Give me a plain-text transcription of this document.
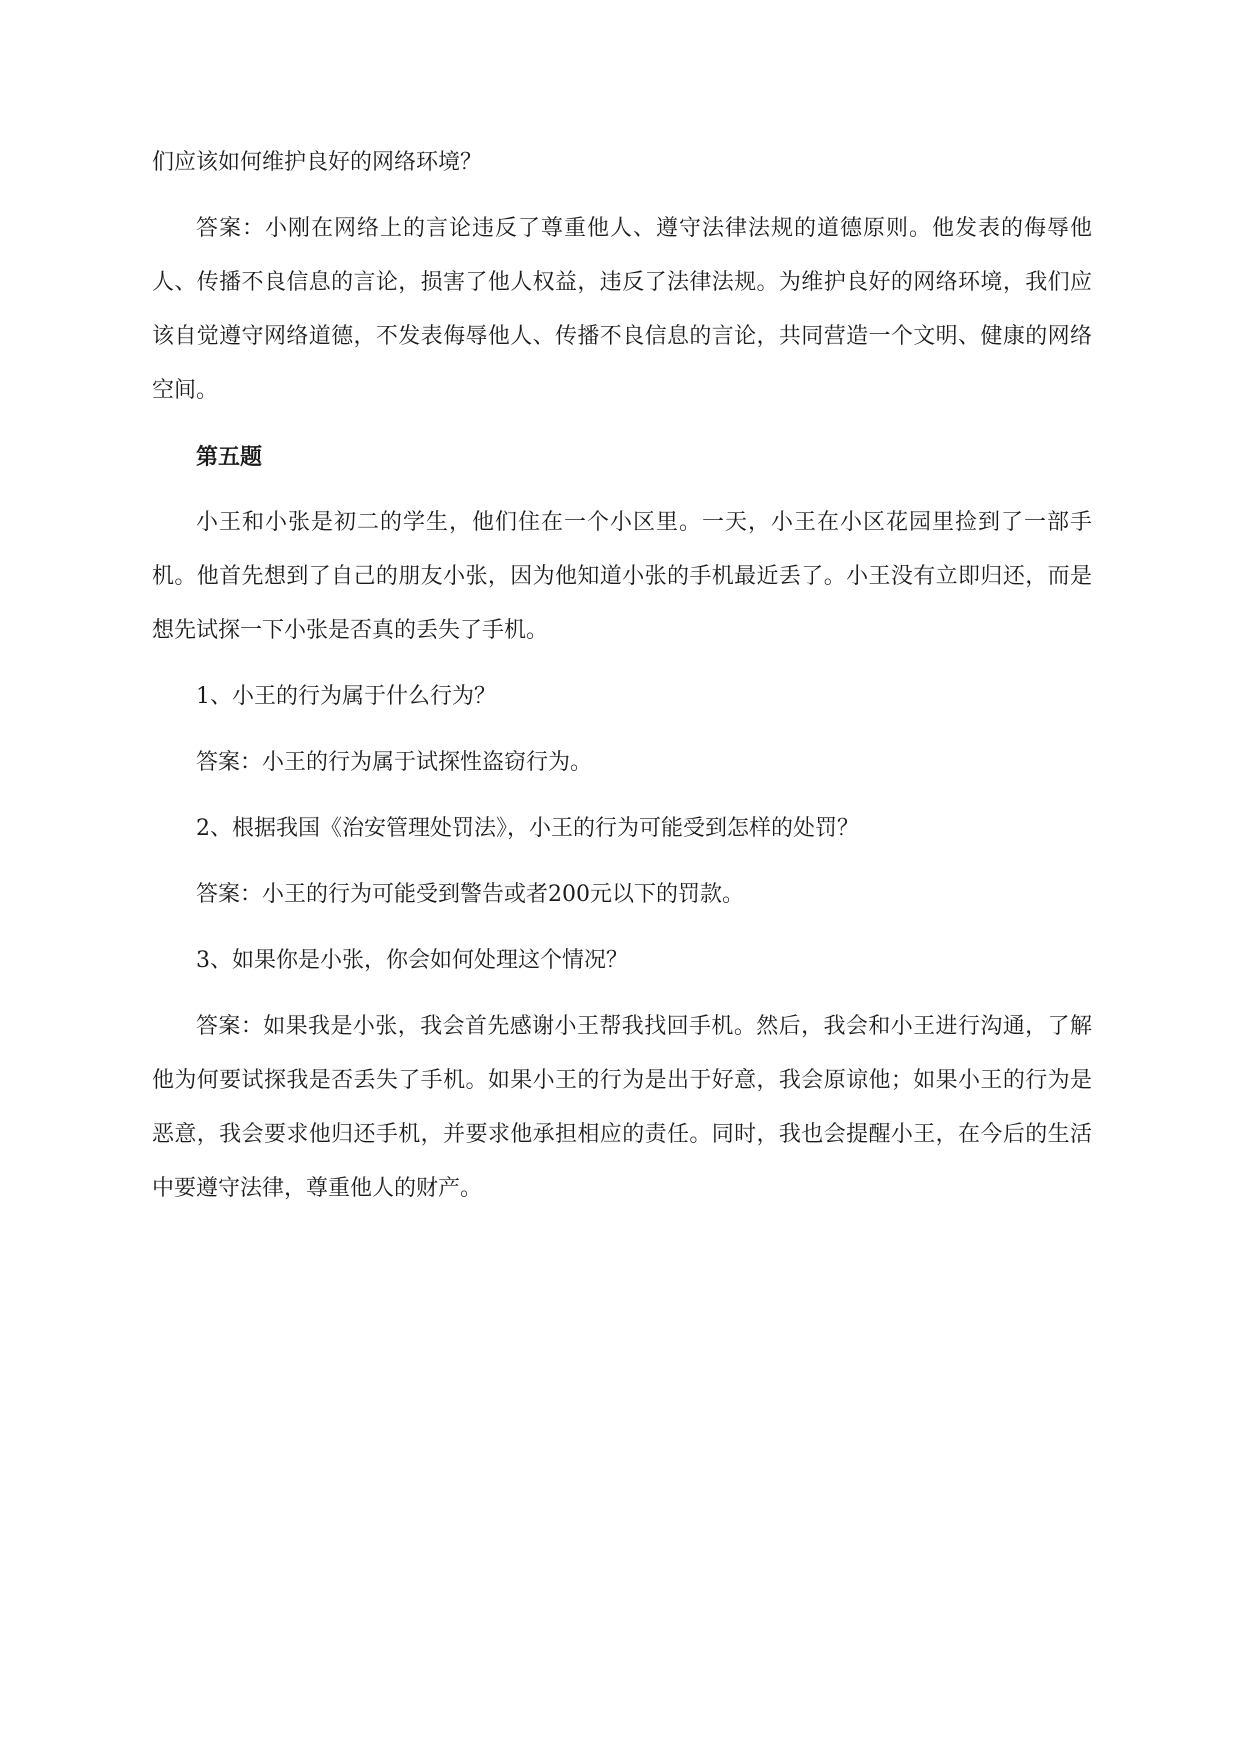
们应该如何维护良好的网络环境？

答案：小刚在网络上的言论违反了尊重他人、遵守法律法规的道德原则。他发表的侮辱他人、传播不良信息的言论，损害了他人权益，违反了法律法规。为维护良好的网络环境，我们应该自觉遵守网络道德，不发表侮辱他人、传播不良信息的言论，共同营造一个文明、健康的网络空间。

第五题

小王和小张是初二的学生，他们住在一个小区里。一天，小王在小区花园里捡到了一部手机。他首先想到了自己的朋友小张，因为他知道小张的手机最近丢了。小王没有立即归还，而是想先试探一下小张是否真的丢失了手机。

1、小王的行为属于什么行为？

答案：小王的行为属于试探性盗窃行为。

2、根据我国《治安管理处罚法》，小王的行为可能受到怎样的处罚？

答案：小王的行为可能受到警告或者200元以下的罚款。

3、如果你是小张，你会如何处理这个情况？

答案：如果我是小张，我会首先感谢小王帮我找回手机。然后，我会和小王进行沟通，了解他为何要试探我是否丢失了手机。如果小王的行为是出于好意，我会原谅他；如果小王的行为是恶意，我会要求他归还手机，并要求他承担相应的责任。同时，我也会提醒小王，在今后的生活中要遵守法律，尊重他人的财产。
